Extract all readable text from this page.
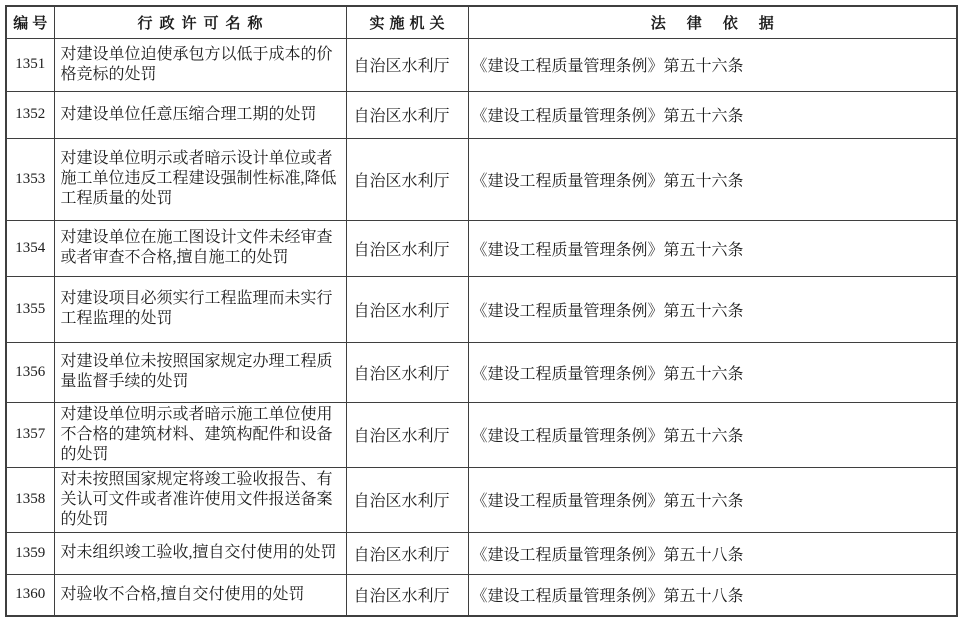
编号	行政许可名称	实施机关	法律依据
1351	对建设单位迫使承包方以低于成本的价格竞标的处罚	自治区水利厅	《建设工程质量管理条例》第五十六条
1352	对建设单位任意压缩合理工期的处罚	自治区水利厅	《建设工程质量管理条例》第五十六条
1353	对建设单位明示或者暗示设计单位或者施工单位违反工程建设强制性标准,降低工程质量的处罚	自治区水利厅	《建设工程质量管理条例》第五十六条
1354	对建设单位在施工图设计文件未经审查或者审查不合格,擅自施工的处罚	自治区水利厅	《建设工程质量管理条例》第五十六条
1355	对建设项目必须实行工程监理而未实行工程监理的处罚	自治区水利厅	《建设工程质量管理条例》第五十六条
1356	对建设单位未按照国家规定办理工程质量监督手续的处罚	自治区水利厅	《建设工程质量管理条例》第五十六条
1357	对建设单位明示或者暗示施工单位使用不合格的建筑材料、建筑构配件和设备的处罚	自治区水利厅	《建设工程质量管理条例》第五十六条
1358	对未按照国家规定将竣工验收报告、有关认可文件或者准许使用文件报送备案的处罚	自治区水利厅	《建设工程质量管理条例》第五十六条
1359	对未组织竣工验收,擅自交付使用的处罚	自治区水利厅	《建设工程质量管理条例》第五十八条
1360	对验收不合格,擅自交付使用的处罚	自治区水利厅	《建设工程质量管理条例》第五十八条
